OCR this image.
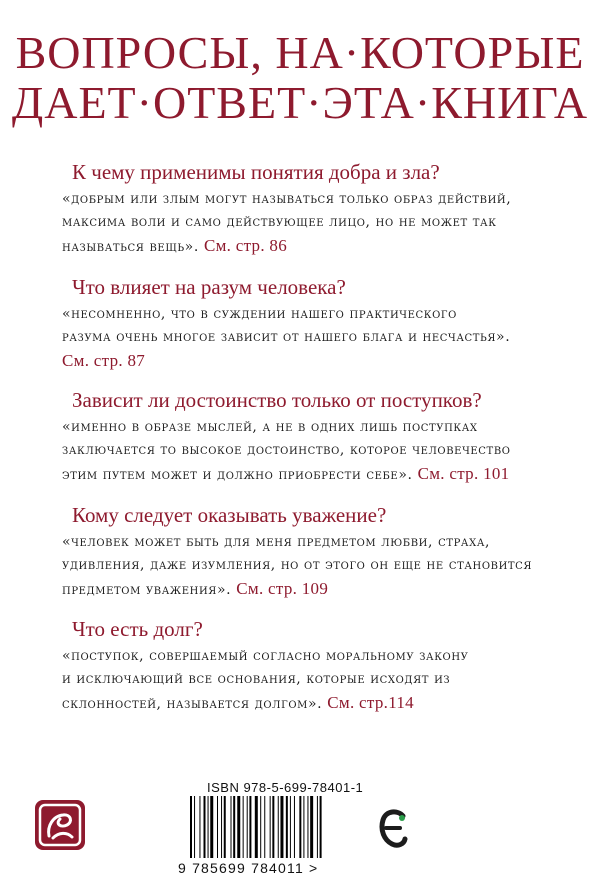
ВОПРОСЫ, НА·КОТОРЫЕ
ДАЕТ·ОТВЕТ·ЭТА·КНИГА
К чему применимы понятия добра и зла?
«добрым или злым могут называться только образ действий,
максима воли и само действующее лицо, но не может так
называться вещь». См. стр. 86
Что влияет на разум человека?
«несомненно, что в суждении нашего практического
разума очень многое зависит от нашего блага и несчастья».
См. стр. 87
Зависит ли достоинство только от поступков?
«именно в образе мыслей, а не в одних лишь поступках
заключается то высокое достоинство, которое человечество
этим путем может и должно приобрести себе». См. стр. 101
Кому следует оказывать уважение?
«человек может быть для меня предметом любви, страха,
удивления, даже изумления, но от этого он еще не становится
предметом уважения». См. стр. 109
Что есть долг?
«поступок, совершаемый согласно моральному закону
и исключающий все основания, которые исходят из
склонностей, называется долгом». См. стр.114
ISBN 978-5-699-78401-1
9 785699 784011 >
